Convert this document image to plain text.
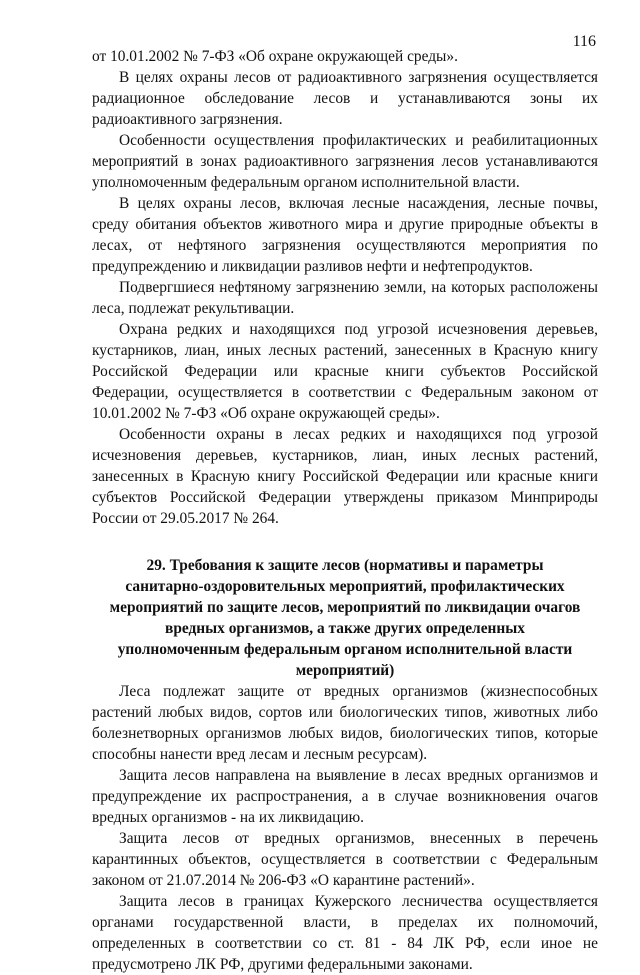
116

от 10.01.2002 № 7-ФЗ «Об охране окружающей среды».

В целях охраны лесов от радиоактивного загрязнения осуществляется радиационное обследование лесов и устанавливаются зоны их радиоактивного загрязнения.

Особенности осуществления профилактических и реабилитационных мероприятий в зонах радиоактивного загрязнения лесов устанавливаются уполномоченным федеральным органом исполнительной власти.

В целях охраны лесов, включая лесные насаждения, лесные почвы, среду обитания объектов животного мира и другие природные объекты в лесах, от нефтяного загрязнения осуществляются мероприятия по предупреждению и ликвидации разливов нефти и нефтепродуктов.

Подвергшиеся нефтяному загрязнению земли, на которых расположены леса, подлежат рекультивации.

Охрана редких и находящихся под угрозой исчезновения деревьев, кустарников, лиан, иных лесных растений, занесенных в Красную книгу Российской Федерации или красные книги субъектов Российской Федерации, осуществляется в соответствии с Федеральным законом от 10.01.2002 № 7-ФЗ «Об охране окружающей среды».

Особенности охраны в лесах редких и находящихся под угрозой исчезновения деревьев, кустарников, лиан, иных лесных растений, занесенных в Красную книгу Российской Федерации или красные книги субъектов Российской Федерации утверждены приказом Минприроды России от 29.05.2017 № 264.

29. Требования к защите лесов (нормативы и параметры санитарно-оздоровительных мероприятий, профилактических мероприятий по защите лесов, мероприятий по ликвидации очагов вредных организмов, а также других определенных уполномоченным федеральным органом исполнительной власти мероприятий)

Леса подлежат защите от вредных организмов (жизнеспособных растений любых видов, сортов или биологических типов, животных либо болезнетворных организмов любых видов, биологических типов, которые способны нанести вред лесам и лесным ресурсам).

Защита лесов направлена на выявление в лесах вредных организмов и предупреждение их распространения, а в случае возникновения очагов вредных организмов - на их ликвидацию.

Защита лесов от вредных организмов, внесенных в перечень карантинных объектов, осуществляется в соответствии с Федеральным законом от 21.07.2014 № 206-ФЗ «О карантине растений».

Защита лесов в границах Кужерского лесничества осуществляется органами государственной власти, в пределах их полномочий, определенных в соответствии со ст. 81 - 84 ЛК РФ, если иное не предусмотрено ЛК РФ, другими федеральными законами.
